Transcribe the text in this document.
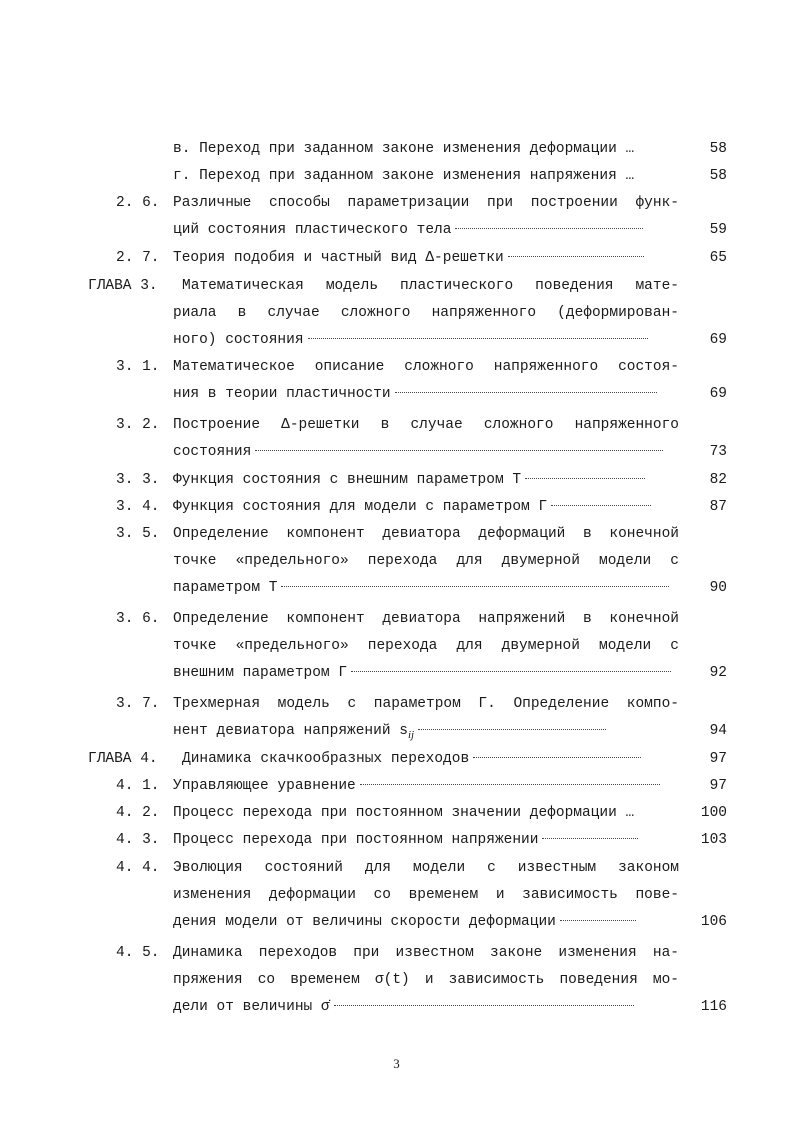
в. Переход при заданном законе изменения деформации …	58
г. Переход при заданном законе изменения напряжения …	58
2. 6. Различные способы параметризации при построении функ-
ций состояния пластического тела	59
2. 7. Теория подобия и частный вид Δ-решетки	65
ГЛАВА 3. Математическая модель пластического поведения мате-
риала в случае сложного напряженного (деформирован-
ного) состояния	69
3. 1. Математическое описание сложного напряженного состоя-
ния в теории пластичности	69
3. 2. Построение Δ-решетки в случае сложного напряженного
состояния	73
3. 3. Функция состояния с внешним параметром T	82
3. 4. Функция состояния для модели с параметром Г	87
3. 5. Определение компонент девиатора деформаций в конечной
точке «предельного» перехода для двумерной модели с
параметром T	90
3. 6. Определение компонент девиатора напряжений в конечной
точке «предельного» перехода для двумерной модели с
внешним параметром Г	92
3. 7. Трехмерная модель с параметром Г. Определение компо-
нент девиатора напряжений $s_{ij}$	94
ГЛАВА 4. Динамика скачкообразных переходов	97
4. 1. Управляющее уравнение	97
4. 2. Процесс перехода при постоянном значении деформации …	100
4. 3. Процесс перехода при постоянном напряжении	103
4. 4. Эволюция состояний для модели с известным законом
изменения деформации со временем и зависимость пове-
дения модели от величины скорости деформации	106
4. 5. Динамика переходов при известном законе изменения на-
пряжения со временем σ(t) и зависимость поведения мо-
дели от величины σ̇	116
3
